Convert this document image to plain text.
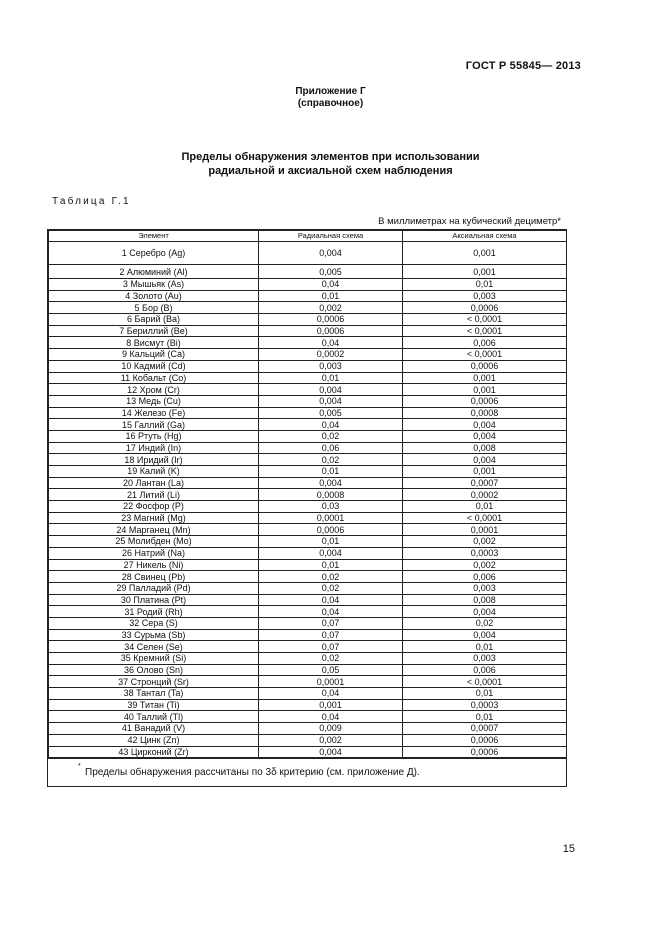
ГОСТ Р 55845— 2013
Приложение Г
(справочное)
Пределы обнаружения элементов при использовании
радиальной и аксиальной схем наблюдения
Таблица Г.1
В миллиметрах на кубический дециметр*
Элемент	Радиальная схема	Аксиальная схема
1 Серебро (Ag)	0,004	0,001
2 Алюминий (Al)	0,005	0,001
3 Мышьяк (As)	0,04	0,01
4 Золото (Au)	0,01	0,003
5 Бор (B)	0,002	0,0006
6 Барий (Ba)	0,0006	< 0,0001
7 Бериллий (Be)	0,0006	< 0,0001
8 Висмут (Bi)	0,04	0,006
9 Кальций (Ca)	0,0002	< 0,0001
10 Кадмий (Cd)	0,003	0,0006
11 Кобальт (Co)	0,01	0,001
12 Хром (Cr)	0,004	0,001
13 Медь (Cu)	0,004	0,0006
14 Железо (Fe)	0,005	0,0008
15 Галлий (Ga)	0,04	0,004
16 Ртуть (Hg)	0,02	0,004
17 Индий (In)	0,06	0,008
18 Иридий (Ir)	0,02	0,004
19 Калий (K)	0,01	0,001
20 Лантан (La)	0,004	0,0007
21 Литий (Li)	0,0008	0,0002
22 Фосфор (P)	0,03	0,01
23 Магний (Mg)	0,0001	< 0,0001
24 Марганец (Mn)	0,0006	0,0001
25 Молибден (Mo)	0,01	0,002
26 Натрий (Na)	0,004	0,0003
27 Никель (Ni)	0,01	0,002
28 Свинец (Pb)	0,02	0,006
29 Палладий (Pd)	0,02	0,003
30 Платина (Pt)	0,04	0,008
31 Родий (Rh)	0,04	0,004
32 Сера (S)	0,07	0,02
33 Сурьма (Sb)	0,07	0,004
34 Селен (Se)	0,07	0,01
35 Кремний (Si)	0,02	0,003
36 Олово (Sn)	0,05	0,006
37 Стронций (Sr)	0,0001	< 0,0001
38 Тантал (Ta)	0,04	0,01
39 Титан (Ti)	0,001	0,0003
40 Таллий (Tl)	0,04	0,01
41 Ванадий (V)	0,009	0,0007
42 Цинк (Zn)	0,002	0,0006
43 Цирконий (Zr)	0,004	0,0006
*
Пределы обнаружения рассчитаны по 3δ критерию (см. приложение Д).
15
